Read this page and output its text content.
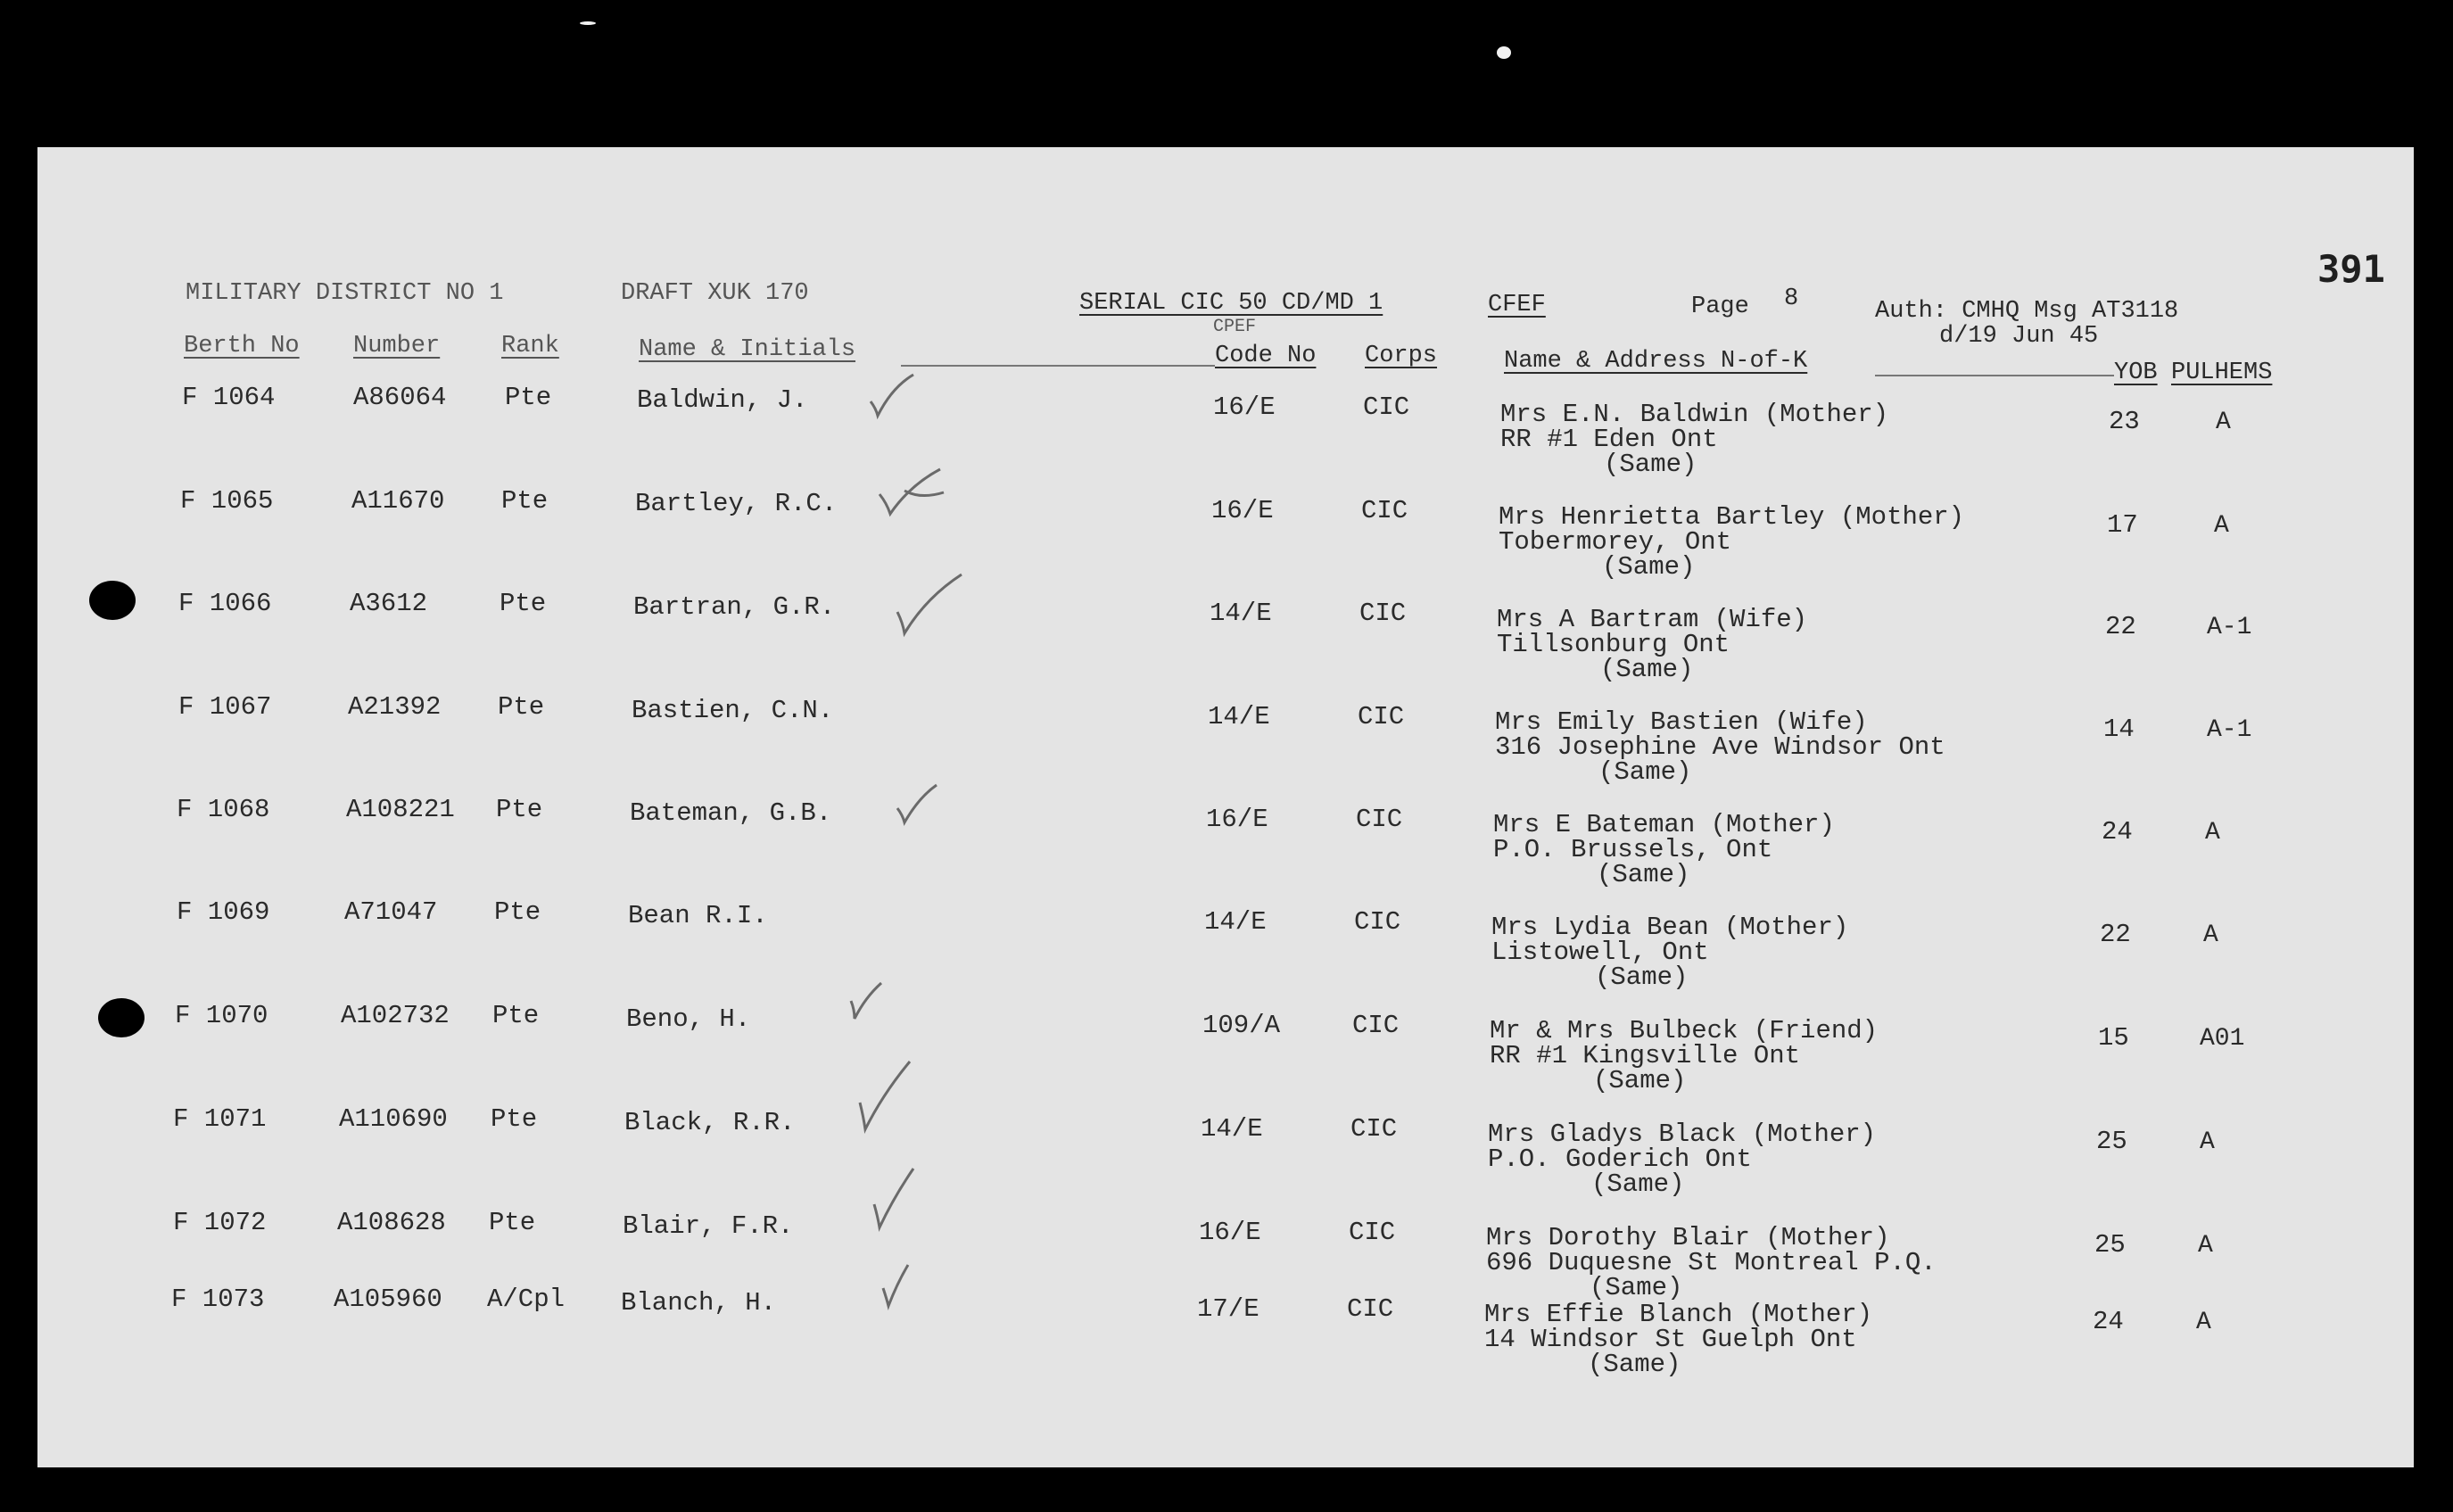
391
MILITARY DISTRICT NO 1	DRAFT XUK 170	SERIAL CIC 50 CD/MD 1	CFEF
CPEF
Page 8	Auth: CMHQ Msg AT3118
d/19 Jun 45
Berth No Number	Rank	Name & Initials	Code No Corps	Name & Address N-of-K	YOB PULHEMS
F 1064	A86064 Pte	Baldwin, J.	16/E	CIC	Mrs E.N. Baldwin (Mother)
RR #1 Eden Ont
(Same)
23	A
F 1065	A11670 Pte	Bartley, R.C.	16/E	CIC	Mrs Henrietta Bartley (Mother)
Tobermorey, Ont
(Same)
17	A
F 1066	A3612	Pte	Bartran, G.R.	14/E	CIC	Mrs A Bartram (Wife)
Tillsonburg Ont
(Same)
22	A-1
F 1067	A21392 Pte	Bastien, C.N.	14/E	CIC	Mrs Emily Bastien (Wife)
316 Josephine Ave Windsor Ont
(Same)
14	A-1
F 1068	A108221 Pte	Bateman, G.B.	16/E	CIC	Mrs E Bateman (Mother)
P.O. Brussels, Ont
(Same)
24	A
F 1069	A71047 Pte	Bean R.I.	14/E	CIC	Mrs Lydia Bean (Mother)
Listowell, Ont
(Same)
22	A
F 1070	A102732 Pte	Beno, H.	109/A	CIC	Mr & Mrs Bulbeck (Friend)
RR #1 Kingsville Ont
(Same)
15	A01
F 1071	A110690 Pte	Black, R.R.	14/E	CIC	Mrs Gladys Black (Mother)
P.O. Goderich Ont
(Same)
25	A
F 1072	A108628 Pte	Blair, F.R.	16/E	CIC	Mrs Dorothy Blair (Mother)
696 Duquesne St Montreal P.Q.
(Same)
25	A
F 1073	A105960 A/Cpl Blanch, H.	17/E	CIC	Mrs Effie Blanch (Mother)
14 Windsor St Guelph Ont
(Same)
24	A
